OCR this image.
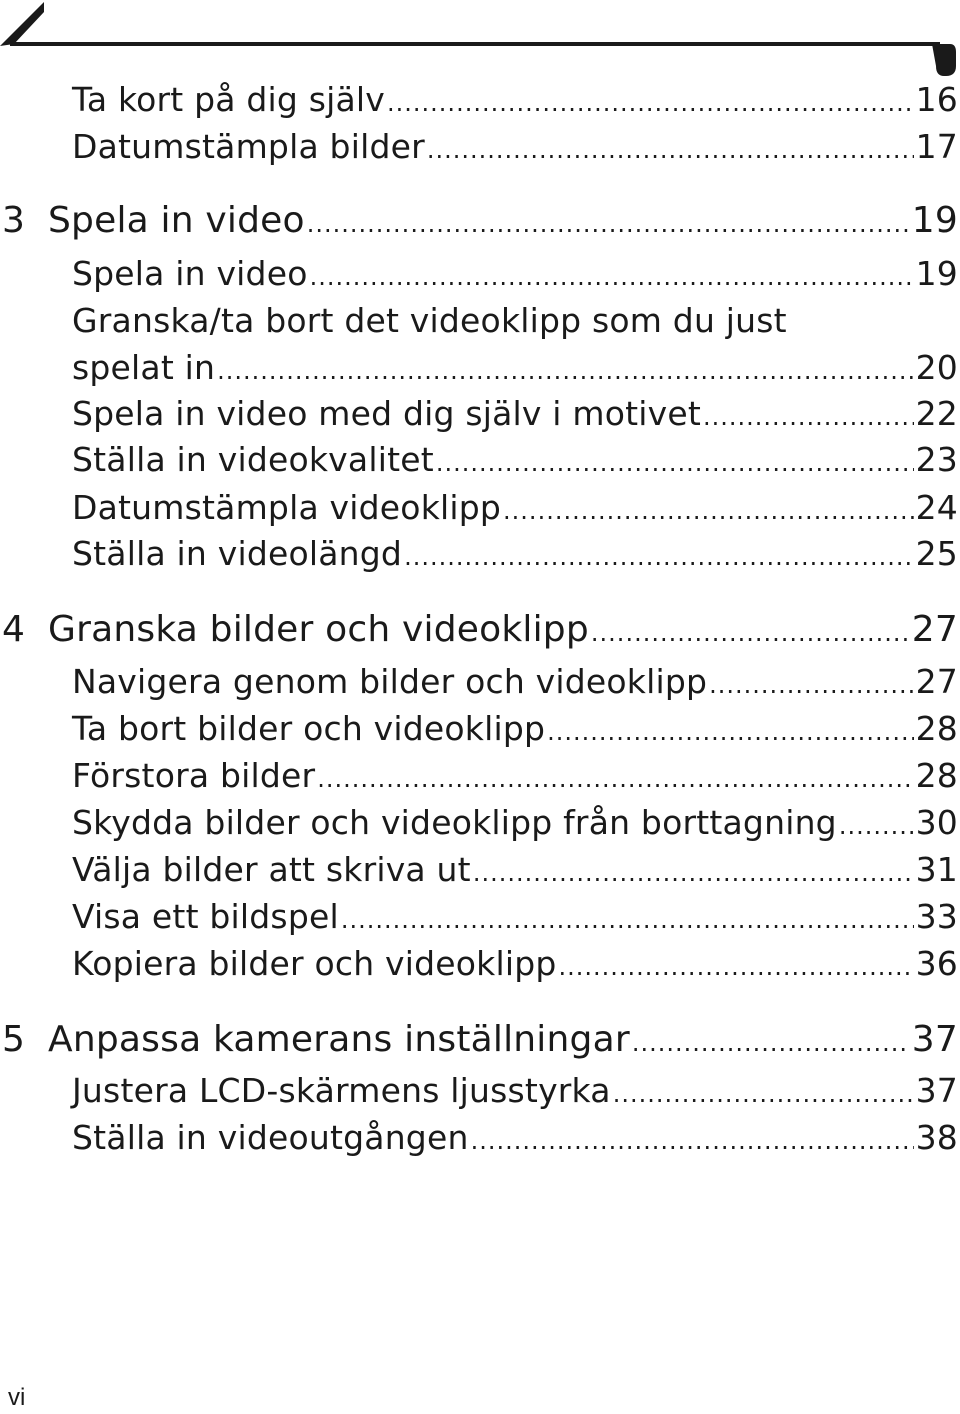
Ta kort på dig själv .....	16
Datumstämpla bilder .....	17
3 Spela in video .....	19
Spela in video .....	19
Granska/ta bort det videoklipp som du just
spelat in .....	20
Spela in video med dig själv i motivet .....	22
Ställa in videokvalitet .....	23
Datumstämpla videoklipp .....	24
Ställa in videolängd .....	25
4 Granska bilder och videoklipp .....	27
Navigera genom bilder och videoklipp .....	27
Ta bort bilder och videoklipp .....	28
Förstora bilder .....	28
Skydda bilder och videoklipp från borttagning ..... 30
Välja bilder att skriva ut .....	31
Visa ett bildspel .....	33
Kopiera bilder och videoklipp .....	36
5 Anpassa kamerans inställningar .....	37
Justera LCD-skärmens ljusstyrka .....	37
Ställa in videoutgången .....	38
vi
